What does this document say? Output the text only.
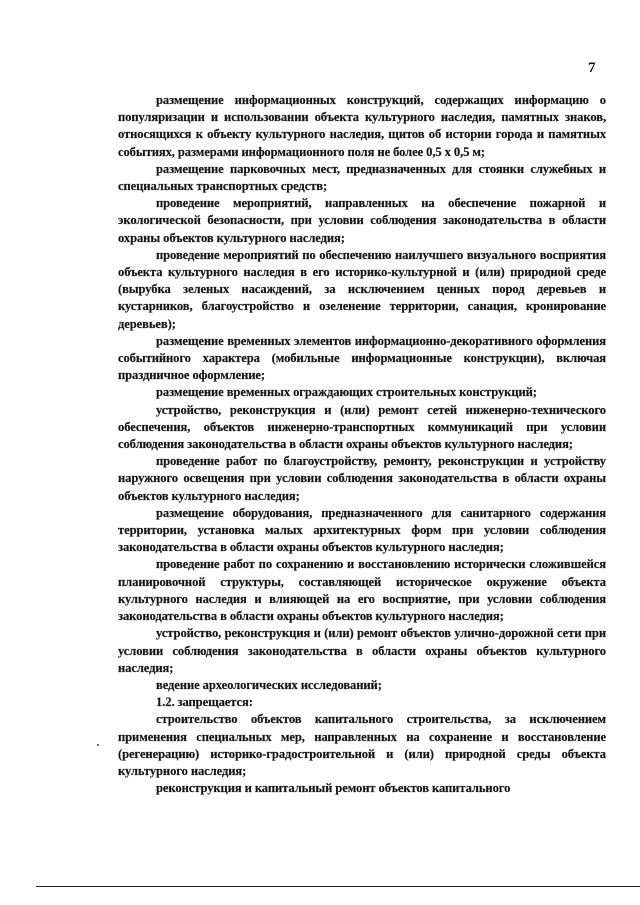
7

размещение информационных конструкций, содержащих информацию о популяризации и использовании объекта культурного наследия, памятных знаков, относящихся к объекту культурного наследия, щитов об истории города и памятных событиях, размерами информационного поля не более 0,5 х 0,5 м;

размещение парковочных мест, предназначенных для стоянки служебных и специальных транспортных средств;

проведение мероприятий, направленных на обеспечение пожарной и экологической безопасности, при условии соблюдения законодательства в области охраны объектов культурного наследия;

проведение мероприятий по обеспечению наилучшего визуального восприятия объекта культурного наследия в его историко-культурной и (или) природной среде (вырубка зеленых насаждений, за исключением ценных пород деревьев и кустарников, благоустройство и озеленение территории, санация, кронирование деревьев);

размещение временных элементов информационно-декоративного оформления событийного характера (мобильные информационные конструкции), включая праздничное оформление;

размещение временных ограждающих строительных конструкций;

устройство, реконструкция и (или) ремонт сетей инженерно-технического обеспечения, объектов инженерно-транспортных коммуникаций при условии соблюдения законодательства в области охраны объектов культурного наследия;

проведение работ по благоустройству, ремонту, реконструкции и устройству наружного освещения при условии соблюдения законодательства в области охраны объектов культурного наследия;

размещение оборудования, предназначенного для санитарного содержания территории, установка малых архитектурных форм при условии соблюдения законодательства в области охраны объектов культурного наследия;

проведение работ по сохранению и восстановлению исторически сложившейся планировочной структуры, составляющей историческое окружение объекта культурного наследия и влияющей на его восприятие, при условии соблюдения законодательства в области охраны объектов культурного наследия;

устройство, реконструкция и (или) ремонт объектов улично-дорожной сети при условии соблюдения законодательства в области охраны объектов культурного наследия;

ведение археологических исследований;

1.2. запрещается:

строительство объектов капитального строительства, за исключением применения специальных мер, направленных на сохранение и восстановление (регенерацию) историко-градостроительной и (или) природной среды объекта культурного наследия;

реконструкция и капитальный ремонт объектов капитального
